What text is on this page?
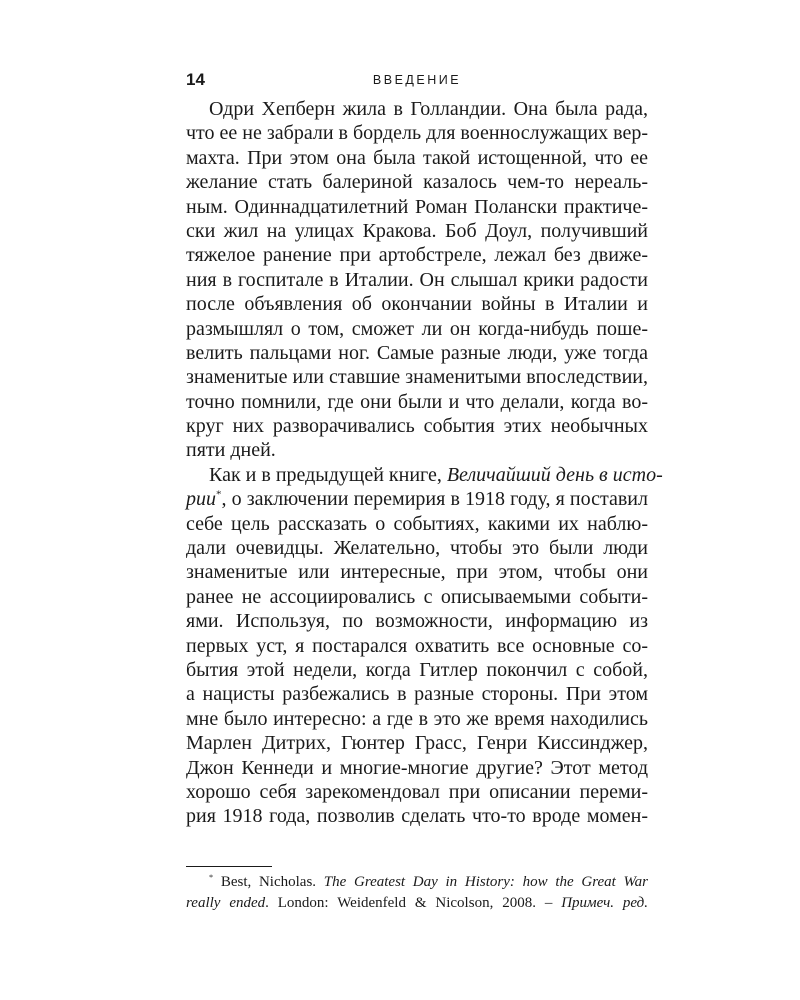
14	ВВЕДЕНИЕ
Одри Хепберн жила в Голландии. Она была рада,
что ее не забрали в бордель для военнослужащих вер-
махта. При этом она была такой истощенной, что ее
желание стать балериной казалось чем-то нереаль-
ным. Одиннадцатилетний Роман Полански практиче-
ски жил на улицах Кракова. Боб Доул, получивший
тяжелое ранение при артобстреле, лежал без движе-
ния в госпитале в Италии. Он слышал крики радости
после объявления об окончании войны в Италии и
размышлял о том, сможет ли он когда-нибудь поше-
велить пальцами ног. Самые разные люди, уже тогда
знаменитые или ставшие знаменитыми впоследствии,
точно помнили, где они были и что делали, когда во-
круг них разворачивались события этих необычных
пяти дней.
Как и в предыдущей книге, Величайший день в исто-
рии*, о заключении перемирия в 1918 году, я поставил
себе цель рассказать о событиях, какими их наблю-
дали очевидцы. Желательно, чтобы это были люди
знаменитые или интересные, при этом, чтобы они
ранее не ассоциировались с описываемыми событи-
ями. Используя, по возможности, информацию из
первых уст, я постарался охватить все основные со-
бытия этой недели, когда Гитлер покончил с собой,
а нацисты разбежались в разные стороны. При этом
мне было интересно: а где в это же время находились
Марлен Дитрих, Гюнтер Грасс, Генри Киссинджер,
Джон Кеннеди и многие-многие другие? Этот метод
хорошо себя зарекомендовал при описании переми-
рия 1918 года, позволив сделать что-то вроде момен-
* Best, Nicholas. The Greatest Day in History: how the Great War
really ended. London: Weidenfeld & Nicolson, 2008. – Примеч. ред.
